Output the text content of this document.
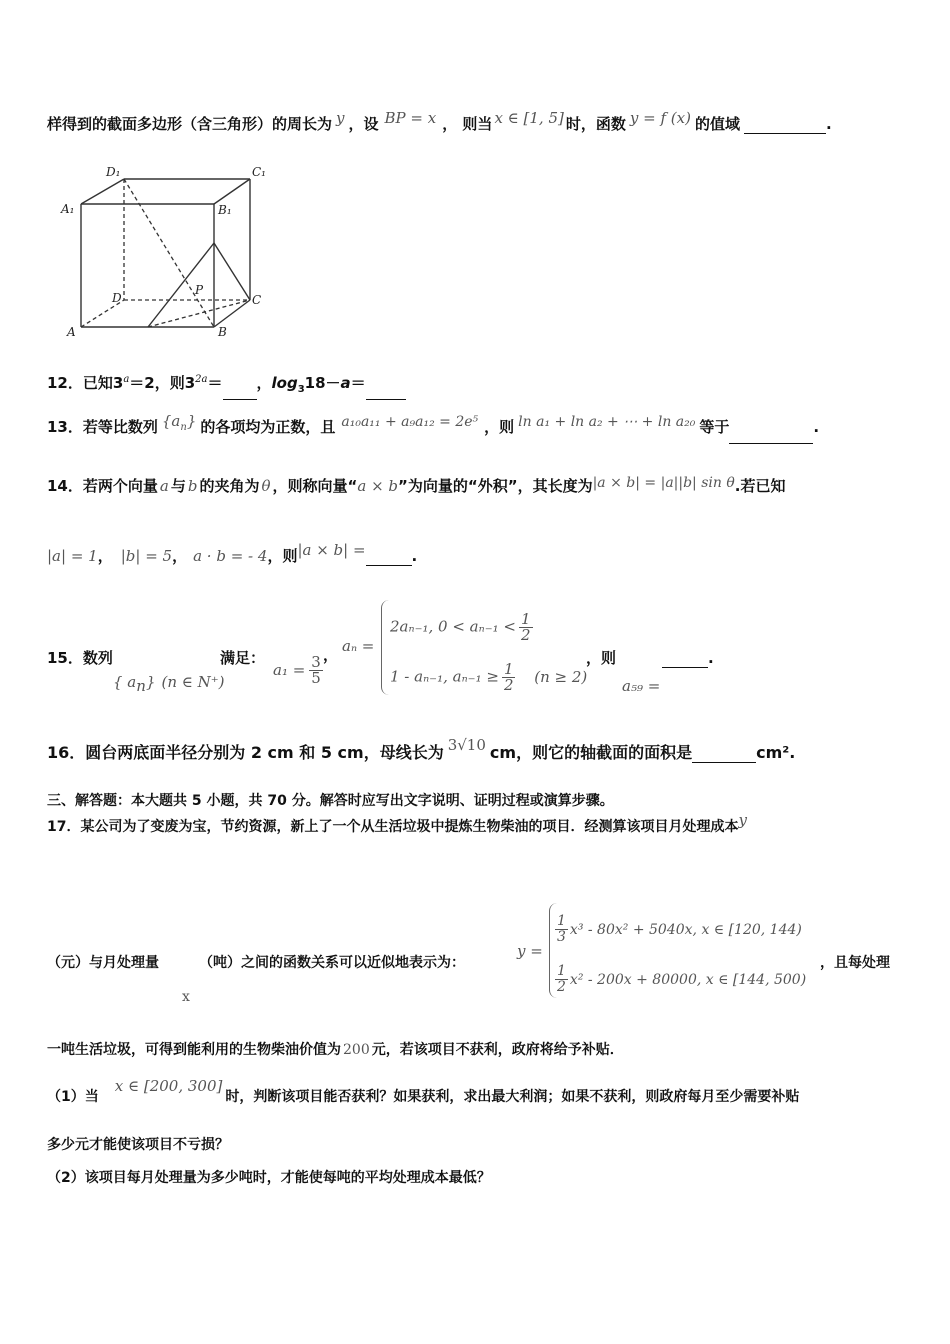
样得到的截面多边形（含三角形）的周长为 y ，设 BP = x ， 则当 x ∈ [1, 5] 时，函数 y = f (x) 的值域	.
D₁	C₁
A₁	B₁
D	C
A	B
P
12．已知$3^a=2$，则$3^{2a}=$ ，$\log_318-a=$
13．若等比数列 $\{a_n\}$ 的各项均为正数，且 a₁₀a₁₁ + a₉a₁₂ = 2e⁵ ，则 ln a₁ + ln a₂ + ⋯ + ln a₂₀ 等于	.
14．若两个向量 a 与 b 的夹角为 θ ，则称向量“a × b”为向量的“外积”，其长度为|a × b| = |a||b| sin θ.若已知
|a| = 1， |b| = 5， a · b = - 4，则|a × b| =	.
15．数列
{ $a_n$} (n ∈ N⁺)
满足：
$a_1 = \frac{3}{5}$ ， aₙ =
2aₙ₋₁, $0 < a_{n-1} < \frac{1}{2}$
1 - aₙ₋₁, $a_{n-1} \ge \frac{1}{2} (n \ge 2)$
，则
a₅₉ =
.
16．圆台两底面半径分别为 2 cm 和 5 cm，母线长为 3√10 cm，则它的轴截面的面积是	cm².
三、解答题：本大题共 5 小题，共 70 分。解答时应写出文字说明、证明过程或演算步骤。
17．某公司为了变废为宝，节约资源，新上了一个从生活垃圾中提炼生物柴油的项目．经测算该项目月处理成本y
（元）与月处理量	（吨）之间的函数关系可以近似地表示为：
x
y =
$\frac{1}{3} x^3 - 80x^2 + 5040x$, x ∈ [120, 144)
$\frac{1}{2} x^2 - 200x + 80000$, x ∈ [144, 500)
，且每处理
一吨生活垃圾，可得到能利用的生物柴油价值为 200 元，若该项目不获利，政府将给予补贴．
（1）当x ∈ [200, 300]时，判断该项目能否获利？如果获利，求出最大利润；如果不获利，则政府每月至少需要补贴
多少元才能使该项目不亏损？
（2）该项目每月处理量为多少吨时，才能使每吨的平均处理成本最低？
